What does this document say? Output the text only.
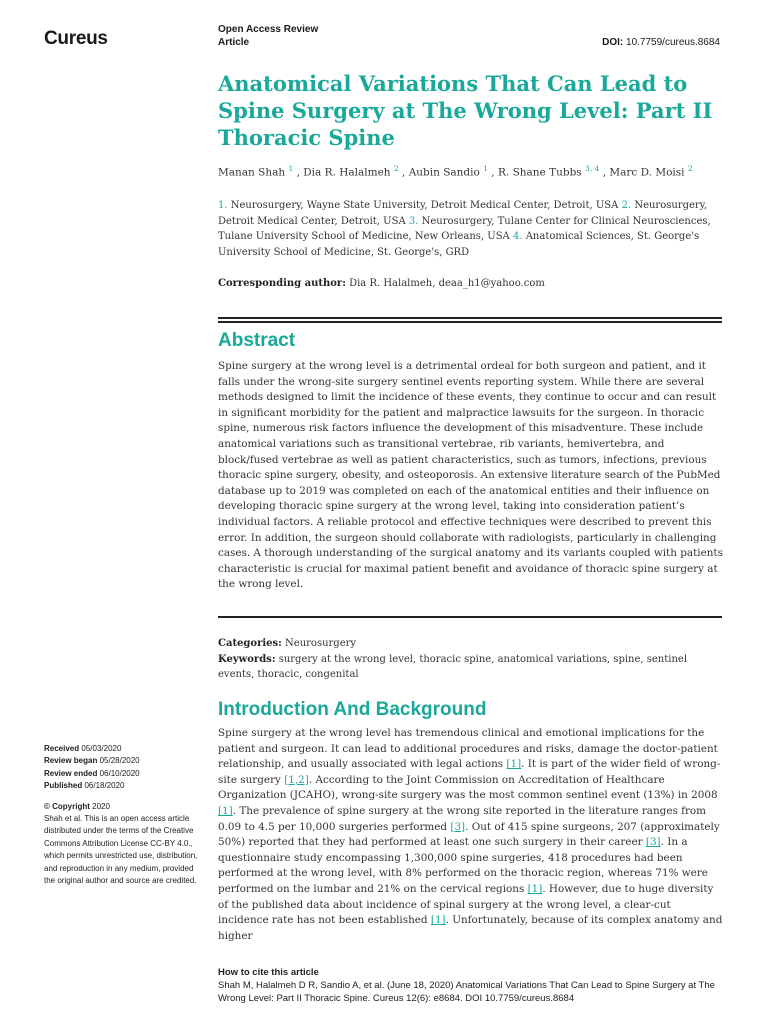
Cureus	Open Access Review
Article	DOI: 10.7759/cureus.8684
Anatomical Variations That Can Lead to Spine Surgery at The Wrong Level: Part II Thoracic Spine
Manan Shah $^1$ , Dia R. Halalmeh $^2$ , Aubin Sandio $^1$ , R. Shane Tubbs $^{3, 4}$ , Marc D. Moisi $^2$
1. Neurosurgery, Wayne State University, Detroit Medical Center, Detroit, USA 2. Neurosurgery, Detroit Medical Center, Detroit, USA 3. Neurosurgery, Tulane Center for Clinical Neurosciences, Tulane University School of Medicine, New Orleans, USA 4. Anatomical Sciences, St. George's University School of Medicine, St. George's, GRD
Corresponding author: Dia R. Halalmeh, deaa_h1@yahoo.com
Abstract
Spine surgery at the wrong level is a detrimental ordeal for both surgeon and patient, and it falls under the wrong-site surgery sentinel events reporting system. While there are several methods designed to limit the incidence of these events, they continue to occur and can result in significant morbidity for the patient and malpractice lawsuits for the surgeon. In thoracic spine, numerous risk factors influence the development of this misadventure. These include anatomical variations such as transitional vertebrae, rib variants, hemivertebra, and block/fused vertebrae as well as patient characteristics, such as tumors, infections, previous thoracic spine surgery, obesity, and osteoporosis. An extensive literature search of the PubMed database up to 2019 was completed on each of the anatomical entities and their influence on developing thoracic spine surgery at the wrong level, taking into consideration patient’s individual factors. A reliable protocol and effective techniques were described to prevent this error. In addition, the surgeon should collaborate with radiologists, particularly in challenging cases. A thorough understanding of the surgical anatomy and its variants coupled with patients characteristic is crucial for maximal patient benefit and avoidance of thoracic spine surgery at the wrong level.
Categories: Neurosurgery
Keywords: surgery at the wrong level, thoracic spine, anatomical variations, spine, sentinel events, thoracic, congenital
Introduction And Background
Spine surgery at the wrong level has tremendous clinical and emotional implications for the patient and surgeon. It can lead to additional procedures and risks, damage the doctor-patient relationship, and usually associated with legal actions [1]. It is part of the wider field of wrong-site surgery [1,2]. According to the Joint Commission on Accreditation of Healthcare Organization (JCAHO), wrong-site surgery was the most common sentinel event (13%) in 2008 [1]. The prevalence of spine surgery at the wrong site reported in the literature ranges from 0.09 to 4.5 per 10,000 surgeries performed [3]. Out of 415 spine surgeons, 207 (approximately 50%) reported that they had performed at least one such surgery in their career [3]. In a questionnaire study encompassing 1,300,000 spine surgeries, 418 procedures had been performed at the wrong level, with 8% performed on the thoracic region, whereas 71% were performed on the lumbar and 21% on the cervical regions [1]. However, due to huge diversity of the published data about incidence of spinal surgery at the wrong level, a clear-cut incidence rate has not been established [1]. Unfortunately, because of its complex anatomy and higher
Received 05/03/2020
Review began 05/28/2020
Review ended 06/10/2020
Published 06/18/2020
© Copyright 2020
Shah et al. This is an open access article distributed under the terms of the Creative Commons Attribution License CC-BY 4.0., which permits unrestricted use, distribution, and reproduction in any medium, provided the original author and source are credited.
How to cite this article
Shah M, Halalmeh D R, Sandio A, et al. (June 18, 2020) Anatomical Variations That Can Lead to Spine Surgery at The Wrong Level: Part II Thoracic Spine. Cureus 12(6): e8684. DOI 10.7759/cureus.8684
